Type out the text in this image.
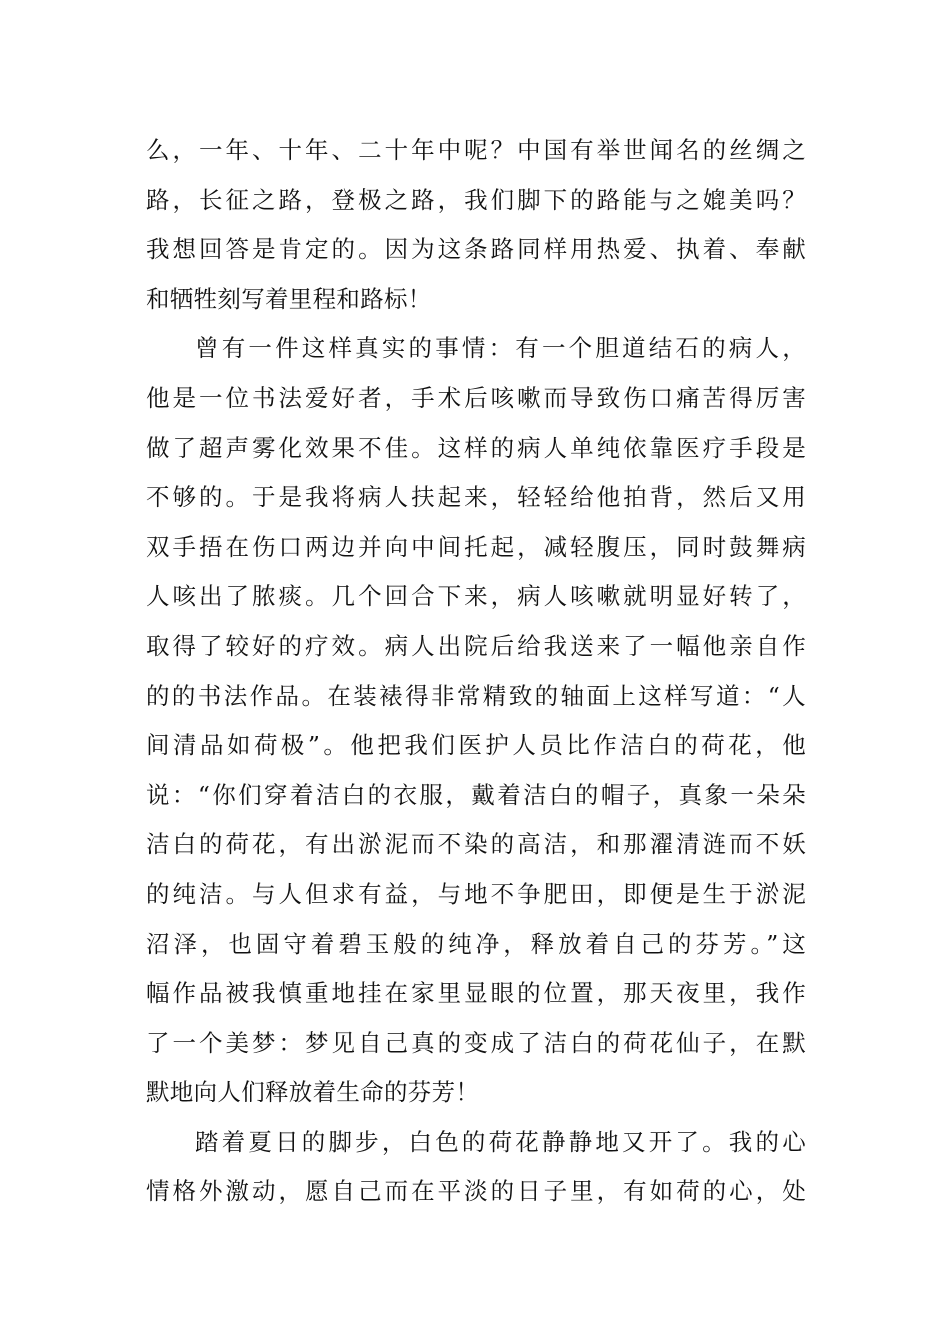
么，一年、十年、二十年中呢？中国有举世闻名的丝绸之
路，长征之路，登极之路，我们脚下的路能与之媲美吗？
我想回答是肯定的。因为这条路同样用热爱、执着、奉献
和牺牲刻写着里程和路标！
曾有一件这样真实的事情：有一个胆道结石的病人，
他是一位书法爱好者，手术后咳嗽而导致伤口痛苦得厉害
做了超声雾化效果不佳。这样的病人单纯依靠医疗手段是
不够的。于是我将病人扶起来，轻轻给他拍背，然后又用
双手捂在伤口两边并向中间托起，减轻腹压，同时鼓舞病
人咳出了脓痰。几个回合下来，病人咳嗽就明显好转了，
取得了较好的疗效。病人出院后给我送来了一幅他亲自作
的的书法作品。在装裱得非常精致的轴面上这样写道：“人
间清品如荷极”。他把我们医护人员比作洁白的荷花，他
说：“你们穿着洁白的衣服，戴着洁白的帽子，真象一朵朵
洁白的荷花，有出淤泥而不染的高洁，和那濯清涟而不妖
的纯洁。与人但求有益，与地不争肥田，即便是生于淤泥
沼泽，也固守着碧玉般的纯净，释放着自己的芬芳。”这
幅作品被我慎重地挂在家里显眼的位置，那天夜里，我作
了一个美梦：梦见自己真的变成了洁白的荷花仙子，在默
默地向人们释放着生命的芬芳！
踏着夏日的脚步，白色的荷花静静地又开了。我的心
情格外激动，愿自己而在平淡的日子里，有如荷的心，处
